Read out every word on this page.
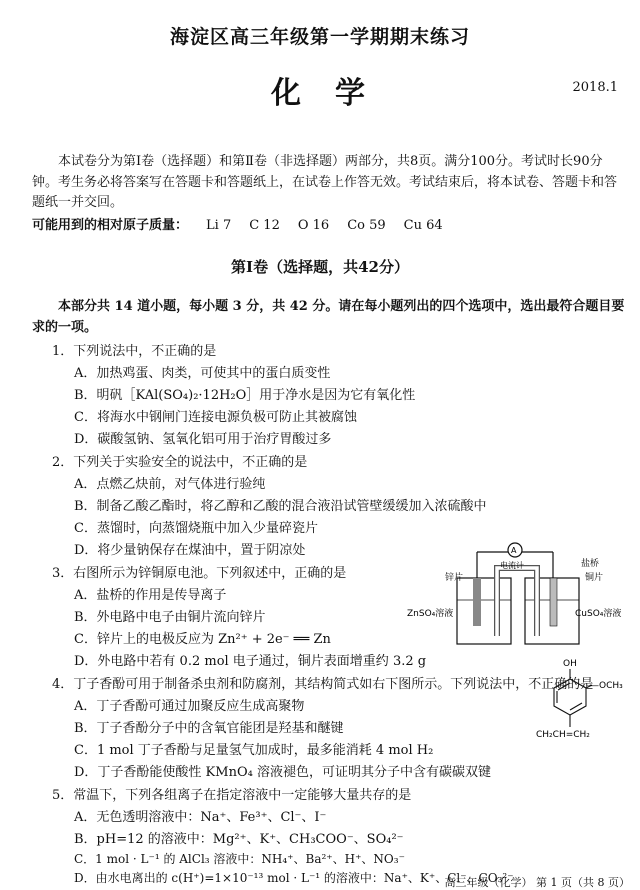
海淀区高三年级第一学期期末练习
化学	2018.1
本试卷分为第Ⅰ卷（选择题）和第Ⅱ卷（非选择题）两部分，共8页。满分100分。考试时长90分钟。考生务必将答案写在答题卡和答题纸上，在试卷上作答无效。考试结束后，将本试卷、答题卡和答题纸一并交回。
可能用到的相对原子质量： Li 7 C 12 O 16 Co 59 Cu 64
第Ⅰ卷（选择题，共42分）
本部分共 14 道小题，每小题 3 分，共 42 分。请在每小题列出的四个选项中，选出最符合题目要求的一项。
1．下列说法中，不正确的是
A．加热鸡蛋、肉类，可使其中的蛋白质变性
B．明矾［KAl(SO₄)₂·12H₂O］用于净水是因为它有氧化性
C．将海水中钢闸门连接电源负极可防止其被腐蚀
D．碳酸氢钠、氢氧化铝可用于治疗胃酸过多
2．下列关于实验安全的说法中，不正确的是
A．点燃乙炔前，对气体进行验纯
B．制备乙酸乙酯时，将乙醇和乙酸的混合液沿试管壁缓缓加入浓硫酸中
C．蒸馏时，向蒸馏烧瓶中加入少量碎瓷片
D．将少量钠保存在煤油中，置于阴凉处
3．右图所示为锌铜原电池。下列叙述中，正确的是
A．盐桥的作用是传导离子
B．外电路中电子由铜片流向锌片
C．锌片上的电极反应为 Zn²⁺ + 2e⁻ ══ Zn
D．外电路中若有 0.2 mol 电子通过，铜片表面增重约 3.2 g
A
电流计	盐桥
锌片	铜片
ZnSO₄溶液	CuSO₄溶液
4．丁子香酚可用于制备杀虫剂和防腐剂，其结构简式如右下图所示。下列说法中，不正确的是
A．丁子香酚可通过加聚反应生成高聚物
B．丁子香酚分子中的含氧官能团是羟基和醚键
C．1 mol 丁子香酚与足量氢气加成时，最多能消耗 4 mol H₂
D．丁子香酚能使酸性 KMnO₄ 溶液褪色，可证明其分子中含有碳碳双键
OH
—OCH₃
CH₂CH=CH₂
5．常温下，下列各组离子在指定溶液中一定能够大量共存的是
A．无色透明溶液中：Na⁺、Fe³⁺、Cl⁻、I⁻
B．pH=12 的溶液中：Mg²⁺、K⁺、CH₃COO⁻、SO₄²⁻
C．1 mol · L⁻¹ 的 AlCl₃ 溶液中：NH₄⁺、Ba²⁺、H⁺、NO₃⁻
D．由水电离出的 c(H⁺)=1×10⁻¹³ mol · L⁻¹ 的溶液中：Na⁺、K⁺、Cl⁻、CO₃²⁻
高三年级（化学） 第 1 页（共 8 页）
